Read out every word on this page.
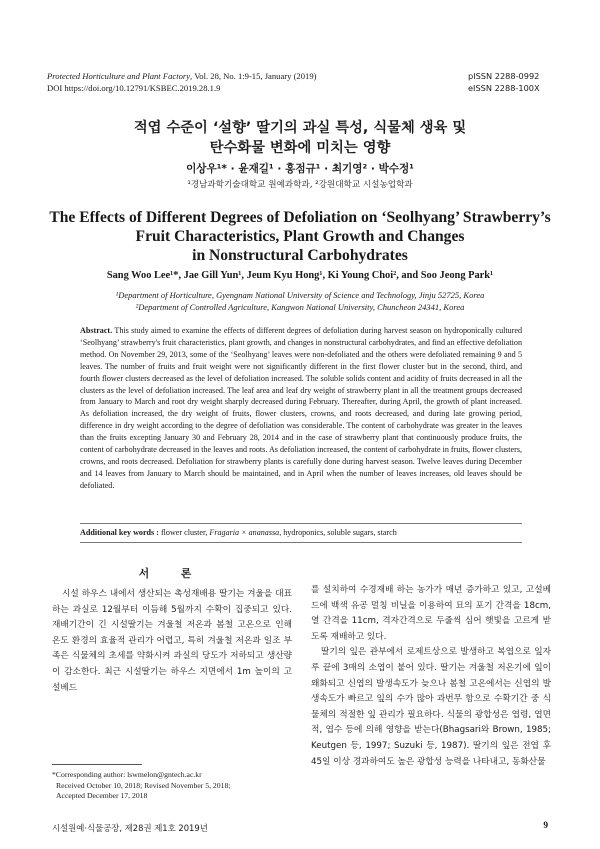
Protected Horticulture and Plant Factory, Vol. 28, No. 1:9-15, January (2019)
DOI https://doi.org/10.12791/KSBEC.2019.28.1.9
pISSN 2288-0992
eISSN 2288-100X
적엽 수준이 ‘설향’ 딸기의 과실 특성, 식물체 생육 및
탄수화물 변화에 미치는 영향
이상우¹* · 윤재길¹ · 홍점규¹ · 최기영² · 박수정¹
¹경남과학기술대학교 원예과학과, ²강원대학교 시설농업학과
The Effects of Different Degrees of Defoliation on ‘Seolhyang’ Strawberry’s
Fruit Characteristics, Plant Growth and Changes
in Nonstructural Carbohydrates
Sang Woo Lee¹*, Jae Gill Yun¹, Jeum Kyu Hong¹, Ki Young Choi², and Soo Jeong Park¹
¹Department of Horticulture, Gyengnam National University of Science and Technology, Jinju 52725, Korea
²Department of Controlled Agriculture, Kangwon National University, Chuncheon 24341, Korea
Abstract. This study aimed to examine the effects of different degrees of defoliation during harvest season on hydroponically cultured ‘Seolhyang’ strawberry's fruit characteristics, plant growth, and changes in nonstructural carbohydrates, and find an effective defoliation method. On November 29, 2013, some of the ‘Seolhyang’ leaves were non-defoliated and the others were defoliated remaining 9 and 5 leaves. The number of fruits and fruit weight were not significantly different in the first flower cluster but in the second, third, and fourth flower clusters decreased as the level of defoliation increased. The soluble solids content and acidity of fruits decreased in all the clusters as the level of defoliation increased. The leaf area and leaf dry weight of strawberry plant in all the treatment groups decreased from January to March and root dry weight sharply decreased during February. Thereafter, during April, the growth of plant increased. As defoliation increased, the dry weight of fruits, flower clusters, crowns, and roots decreased, and during late growing period, difference in dry weight according to the degree of defoliation was considerable. The content of carbohydrate was greater in the leaves than the fruits excepting January 30 and February 28, 2014 and in the case of strawberry plant that continuously produce fruits, the content of carbohydrate decreased in the leaves and roots. As defoliation increased, the content of carbohydrate in fruits, flower clusters, crowns, and roots decreased. Defoliation for strawberry plants is carefully done during harvest season. Twelve leaves during December and 14 leaves from January to March should be maintained, and in April when the number of leaves increases, old leaves should be defoliated.
Additional key words : flower cluster, Fragaria × ananassa, hydroponics, soluble sugars, starch
서 론

시설 하우스 내에서 생산되는 촉성재배용 딸기는 겨울을 대표하는 과실로 12월부터 이듬해 5월까지 수확이 집중되고 있다. 재배기간이 긴 시설딸기는 겨울철 저온과 봄철 고온으로 인해 온도 환경의 효율적 관리가 어렵고, 특히 겨울철 저온과 일조 부족은 식물체의 초세를 약화시켜 과실의 당도가 저하되고 생산량이 감소한다. 최근 시설딸기는 하우스 지면에서 1m 높이의 고설베드

를 설치하여 수경재배 하는 농가가 매년 증가하고 있고, 고설베드에 백색 유공 멀칭 비닐을 이용하여 묘의 포기 간격을 18cm, 열 간격을 11cm, 격자간격으로 두줄씩 심어 햇빛을 고르게 받도록 재배하고 있다.

딸기의 잎은 관부에서 로제트상으로 발생하고 복엽으로 잎자루 끝에 3매의 소엽이 붙어 있다. 딸기는 겨울철 저온기에 잎이 왜화되고 신엽의 발생속도가 늦으나 봄철 고온에서는 신엽의 발생속도가 빠르고 잎의 수가 많아 과번무 함으로 수확기간 중 식물체의 적절한 잎 관리가 필요하다. 식물의 광합성은 엽령, 엽면적, 엽수 등에 의해 영향을 받는다(Bhagsari와 Brown, 1985; Keutgen 등, 1997; Suzuki 등, 1987). 딸기의 잎은 전엽 후 45일 이상 경과하여도 높은 광합성 능력을 나타내고, 동화산물

*Corresponding author: lswmelon@gntech.ac.kr
Received October 10, 2018; Revised November 5, 2018;
Accepted December 17, 2018
시설원예·식물공장, 제28권 제1호 2019년	9
